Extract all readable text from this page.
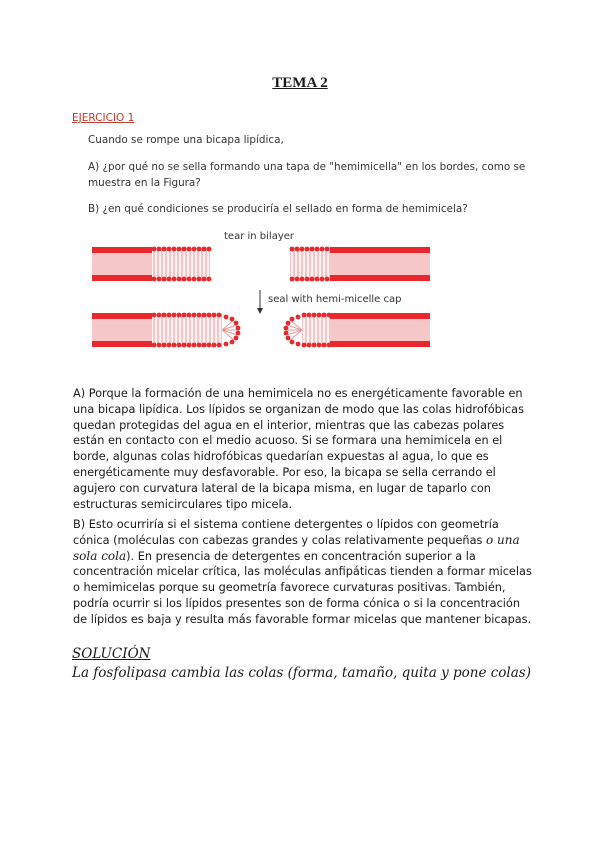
TEMA 2
EJERCICIO 1
Cuando se rompe una bicapa lipídica,
A) ¿por qué no se sella formando una tapa de "hemimicella" en los bordes, como se
muestra en la Figura?
B) ¿en qué condiciones se produciría el sellado en forma de hemimicela?
tear in bilayer
seal with hemi-micelle cap

A) Porque la formación de una hemimicela no es energéticamente favorable en una bicapa lipídica. Los lípidos se organizan de modo que las colas hidrofóbicas quedan protegidas del agua en el interior, mientras que las cabezas polares están en contacto con el medio acuoso. Si se formara una hemimicela en el borde, algunas colas hidrofóbicas quedarían expuestas al agua, lo que es energéticamente muy desfavorable. Por eso, la bicapa se sella cerrando el agujero con curvatura lateral de la bicapa misma, en lugar de taparlo con estructuras semicirculares tipo micela.

B) Esto ocurriría si el sistema contiene detergentes o lípidos con geometría cónica (moléculas con cabezas grandes y colas relativamente pequeñas o una sola cola). En presencia de detergentes en concentración superior a la concentración micelar crítica, las moléculas anfipáticas tienden a formar micelas o hemimicelas porque su geometría favorece curvaturas positivas. También, podría ocurrir si los lípidos presentes son de forma cónica o si la concentración de lípidos es baja y resulta más favorable formar micelas que mantener bicapas.

SOLUCIÓN
La fosfolipasa cambia las colas (forma, tamaño, quita y pone colas)
